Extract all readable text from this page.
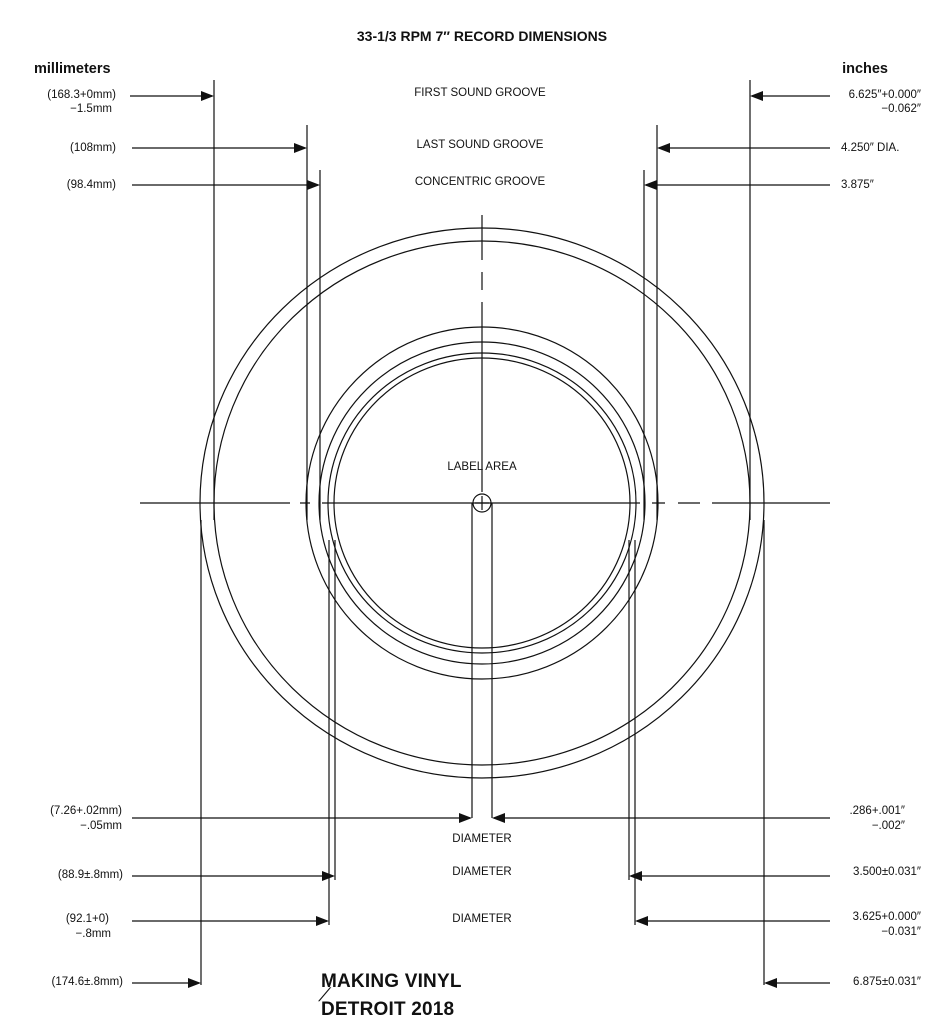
33-1/3 RPM 7″ RECORD DIMENSIONS
millimeters	inches
FIRST SOUND GROOVE
LAST SOUND GROOVE
CONCENTRIC GROOVE
LABEL AREA
DIAMETER
DIAMETER
DIAMETER
(168.3+0mm)
−1.5mm
(108mm)
(98.4mm)
(7.26+.02mm)
−.05mm
(88.9±.8mm)
(92.1+0)
−.8mm
(174.6±.8mm)
6.625″+0.000″
−0.062″
4.250″ DIA.
3.875″
.286+.001″
−.002″
3.500±0.031″
3.625+0.000″
−0.031″
6.875±0.031″

MAKING VINYL
/
DETROIT 2018
